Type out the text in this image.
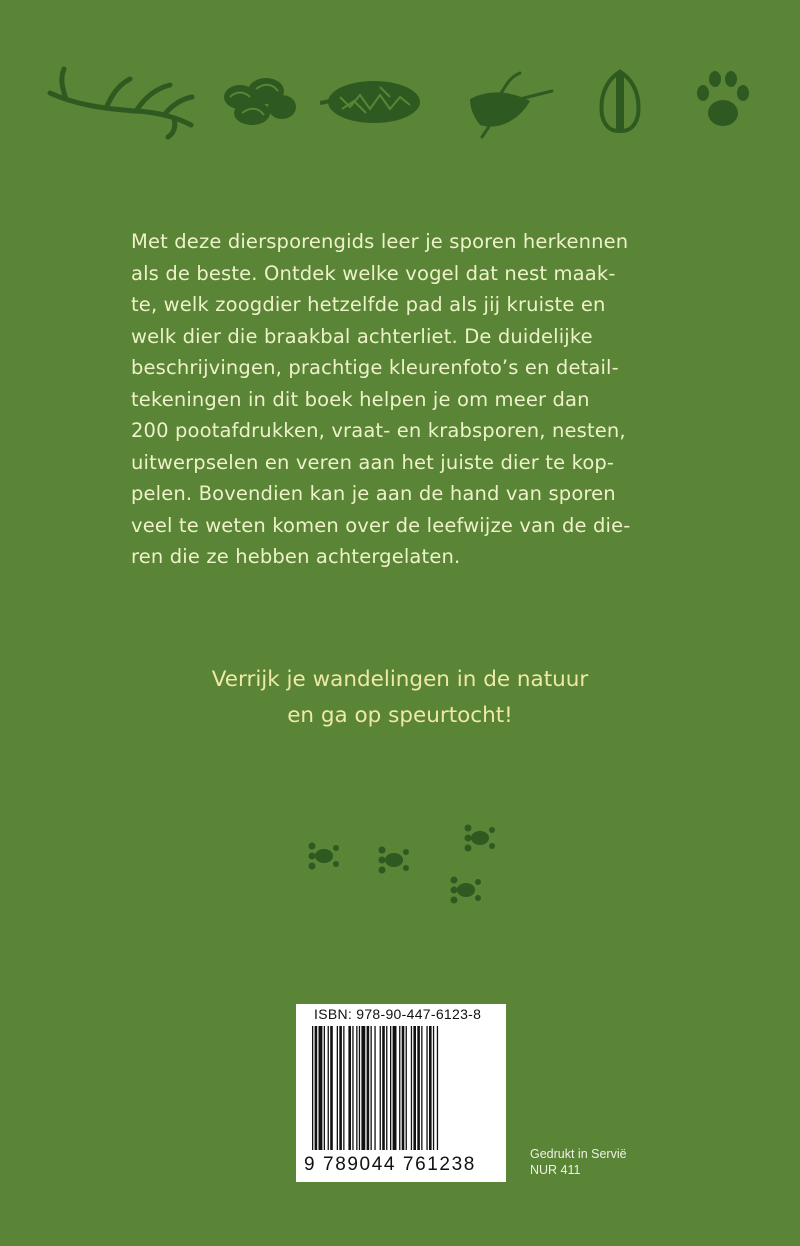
Met deze diersporengids leer je sporen herkennen
als de beste. Ontdek welke vogel dat nest maak-
te, welk zoogdier hetzelfde pad als jij kruiste en
welk dier die braakbal achterliet. De duidelijke
beschrijvingen, prachtige kleurenfoto’s en detail-
tekeningen in dit boek helpen je om meer dan
200 pootafdrukken, vraat- en krabsporen, nesten,
uitwerpselen en veren aan het juiste dier te kop-
pelen. Bovendien kan je aan de hand van sporen
veel te weten komen over de leefwijze van de die-
ren die ze hebben achtergelaten.
Verrijk je wandelingen in de natuur
en ga op speurtocht!
ISBN: 978-90-447-6123-8
9 789044 761238	Gedrukt in Servië
NUR 411
